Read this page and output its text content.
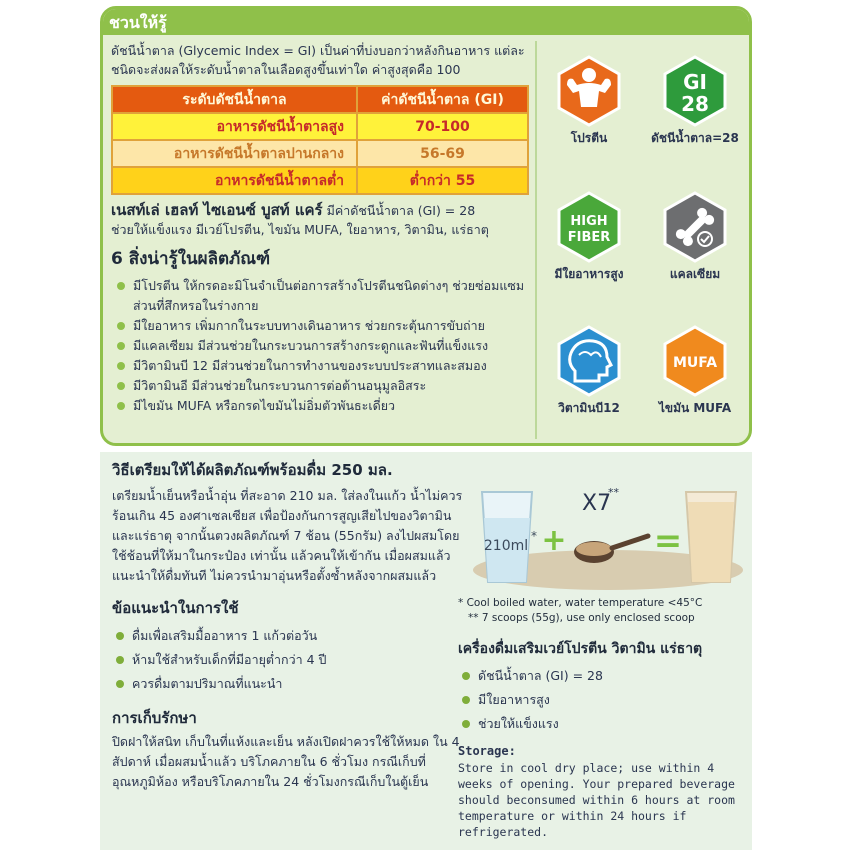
ชวนให้รู้

ดัชนีน้ำตาล (Glycemic Index = GI) เป็นค่าที่บ่งบอกว่าหลังกินอาหาร แต่ละชนิดจะส่งผลให้ระดับน้ำตาลในเลือดสูงขึ้นเท่าใด ค่าสูงสุดคือ 100

ระดับดัชนีน้ำตาล	ค่าดัชนีน้ำตาล (GI)
อาหารดัชนีน้ำตาลสูง	70-100
อาหารดัชนีน้ำตาลปานกลาง	56-69
อาหารดัชนีน้ำตาลต่ำ	ต่ำกว่า 55

เนสท์เล่ เฮลท์ ไซเอนซ์ บูสท์ แคร์ มีค่าดัชนีน้ำตาล (GI) = 28
ช่วยให้แข็งแรง มีเวย์โปรตีน, ไขมัน MUFA, ใยอาหาร, วิตามิน, แร่ธาตุ

6 สิ่งน่ารู้ในผลิตภัณฑ์
มีโปรตีน ให้กรดอะมิโนจำเป็นต่อการสร้างโปรตีนชนิดต่างๆ ช่วยซ่อมแซมส่วนที่สึกหรอในร่างกาย
มีใยอาหาร เพิ่มกากในระบบทางเดินอาหาร ช่วยกระตุ้นการขับถ่าย
มีแคลเซียม มีส่วนช่วยในกระบวนการสร้างกระดูกและฟันที่แข็งแรง
มีวิตามินบี 12 มีส่วนช่วยในการทำงานของระบบประสาทและสมอง
มีวิตามินอี มีส่วนช่วยในกระบวนการต่อต้านอนุมูลอิสระ
มีไขมัน MUFA หรือกรดไขมันไม่อิ่มตัวพันธะเดี่ยว
โปรตีน
GI
28
ดัชนีน้ำตาล=28
HIGH
FIBER
มีใยอาหารสูง	แคลเซียม
วิตามินบี12
MUFA
ไขมัน MUFA
วิธีเตรียมให้ได้ผลิตภัณฑ์พร้อมดื่ม 250 มล.

เตรียมน้ำเย็นหรือน้ำอุ่น ที่สะอาด 210 มล. ใส่ลงในแก้ว น้ำไม่ควรร้อนเกิน 45 องศาเซลเซียส เพื่อป้องกันการสูญเสียไปของวิตามินและแร่ธาตุ จากนั้นตวงผลิตภัณฑ์ 7 ช้อน (55กรัม) ลงไปผสมโดยใช้ช้อนที่ให้มาในกระป๋อง เท่านั้น แล้วคนให้เข้ากัน เมื่อผสมแล้วแนะนำให้ดื่มทันที ไม่ควรนำมาอุ่นหรือตั้งซ้ำหลังจากผสมแล้ว

ข้อแนะนำในการใช้
ดื่มเพื่อเสริมมื้ออาหาร 1 แก้วต่อวัน
ห้ามใช้สำหรับเด็กที่มีอายุต่ำกว่า 4 ปี
ควรดื่มตามปริมาณที่แนะนำ
การเก็บรักษา

ปิดฝาให้สนิท เก็บในที่แห้งและเย็น หลังเปิดฝาควรใช้ให้หมด ใน 4 สัปดาห์ เมื่อผสมน้ำแล้ว บริโภคภายใน 6 ชั่วโมง กรณีเก็บที่อุณหภูมิห้อง หรือบริโภคภายใน 24 ชั่วโมงกรณีเก็บในตู้เย็น

210ml
* +
X7
**
=
* Cool boiled water, water temperature <45°C
** 7 scoops (55g), use only enclosed scoop
เครื่องดื่มเสริมเวย์โปรตีน วิตามิน แร่ธาตุ
ดัชนีน้ำตาล (GI) = 28
มีใยอาหารสูง
ช่วยให้แข็งแรง
Storage:

Store in cool dry place; use within 4 weeks of opening. Your prepared beverage should beconsumed within 6 hours at room temperature or within 24 hours if refrigerated.
